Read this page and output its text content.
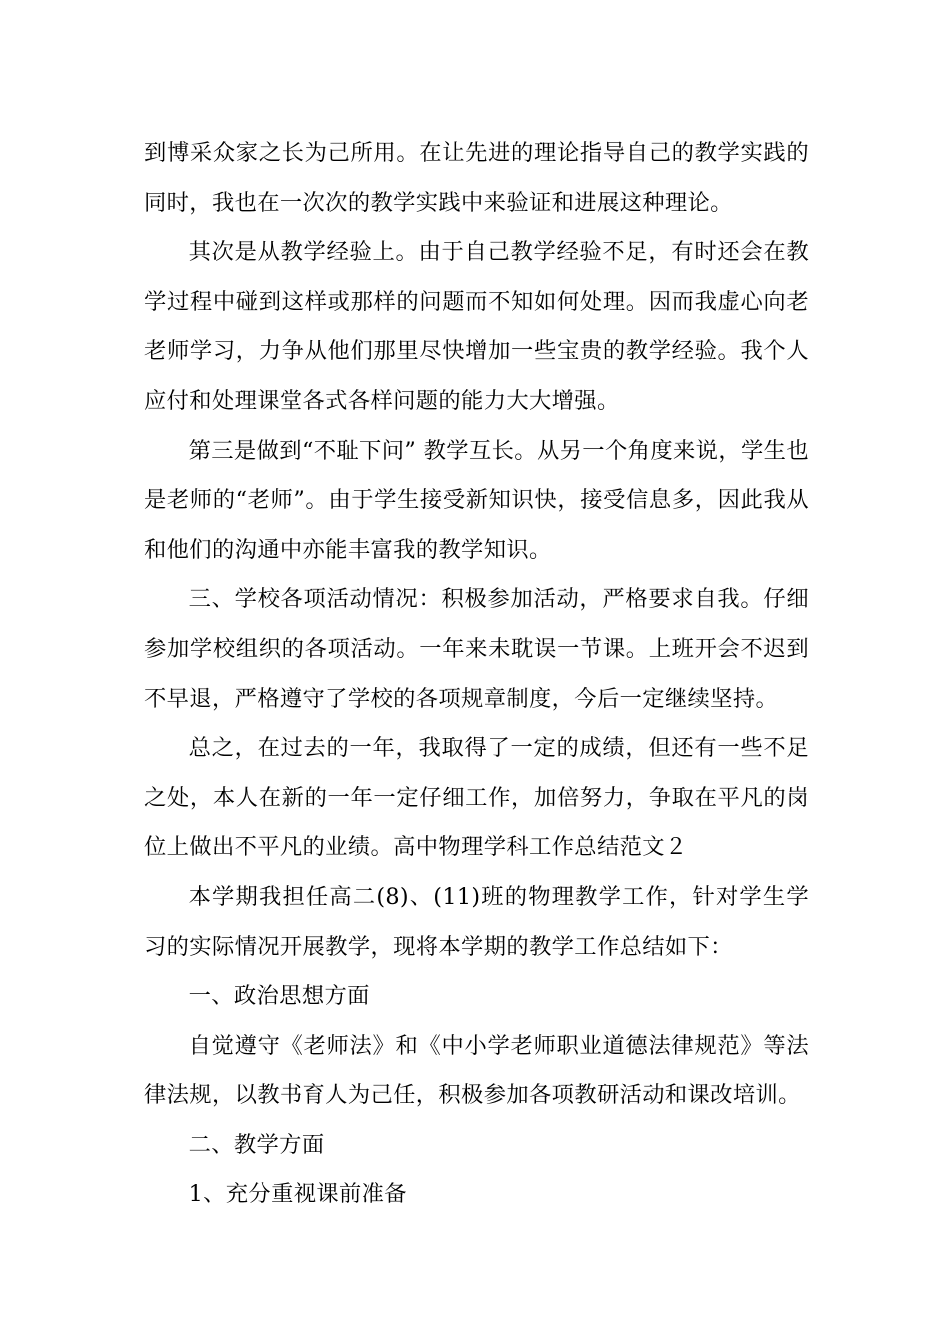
到博采众家之长为己所用。在让先进的理论指导自己的教学实践的同时，我也在一次次的教学实践中来验证和进展这种理论。

其次是从教学经验上。由于自己教学经验不足，有时还会在教学过程中碰到这样或那样的问题而不知如何处理。因而我虚心向老老师学习，力争从他们那里尽快增加一些宝贵的教学经验。我个人应付和处理课堂各式各样问题的能力大大增强。

第三是做到“不耻下问” 教学互长。从另一个角度来说，学生也是老师的“老师”。由于学生接受新知识快，接受信息多，因此我从和他们的沟通中亦能丰富我的教学知识。

三、学校各项活动情况：积极参加活动，严格要求自我。仔细参加学校组织的各项活动。一年来未耽误一节课。上班开会不迟到不早退，严格遵守了学校的各项规章制度，今后一定继续坚持。

总之，在过去的一年，我取得了一定的成绩，但还有一些不足之处，本人在新的一年一定仔细工作，加倍努力，争取在平凡的岗位上做出不平凡的业绩。高中物理学科工作总结范文２

本学期我担任高二(8)、(11)班的物理教学工作，针对学生学习的实际情况开展教学，现将本学期的教学工作总结如下：

一、政治思想方面

自觉遵守《老师法》和《中小学老师职业道德法律规范》等法律法规，以教书育人为己任，积极参加各项教研活动和课改培训。

二、教学方面

1、充分重视课前准备
